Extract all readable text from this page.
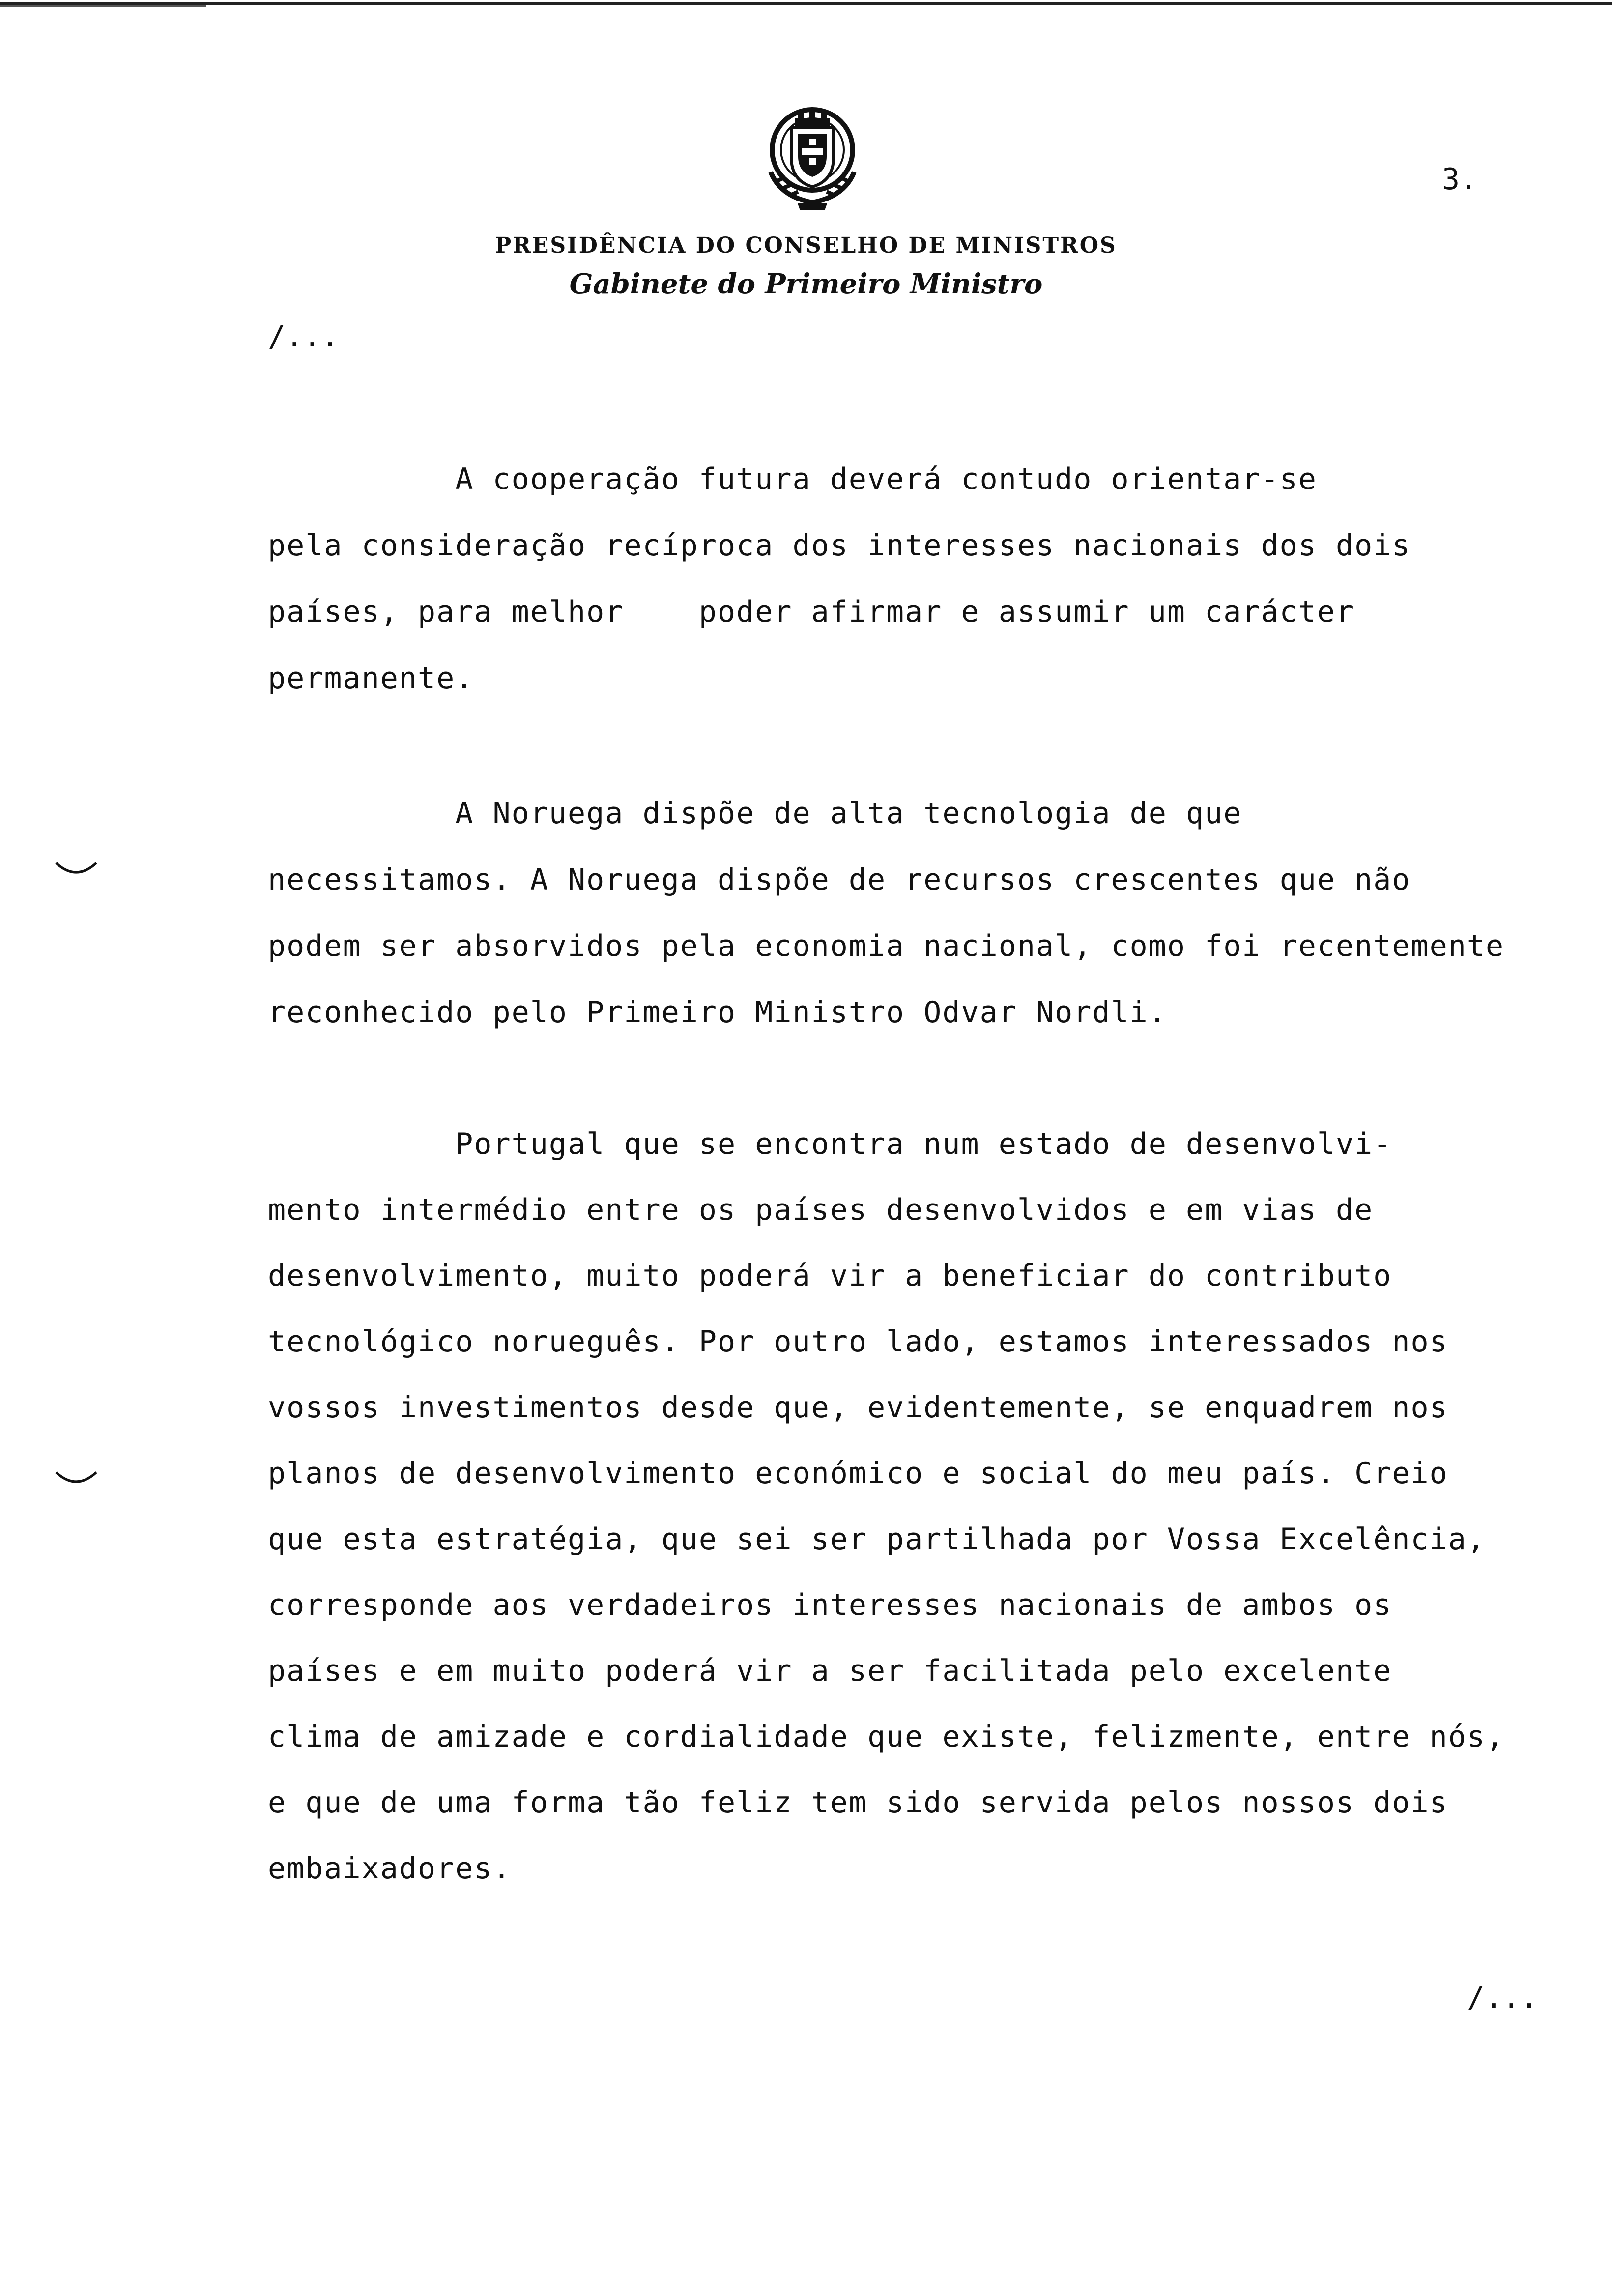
3.
PRESIDÊNCIA DO CONSELHO DE MINISTROS
Gabinete do Primeiro Ministro
/...
A cooperação futura deverá contudo orientar-se
pela consideração recíproca dos interesses nacionais dos dois
países, para melhor    poder afirmar e assumir um carácter
permanente.
A Noruega dispõe de alta tecnologia de que
necessitamos. A Noruega dispõe de recursos crescentes que não
podem ser absorvidos pela economia nacional, como foi recentemente
reconhecido pelo Primeiro Ministro Odvar Nordli.
Portugal que se encontra num estado de desenvolvi-
mento intermédio entre os países desenvolvidos e em vias de
desenvolvimento, muito poderá vir a beneficiar do contributo
tecnológico norueguês. Por outro lado, estamos interessados nos
vossos investimentos desde que, evidentemente, se enquadrem nos
planos de desenvolvimento económico e social do meu país. Creio
que esta estratégia, que sei ser partilhada por Vossa Excelência,
corresponde aos verdadeiros interesses nacionais de ambos os
países e em muito poderá vir a ser facilitada pelo excelente
clima de amizade e cordialidade que existe, felizmente, entre nós,
e que de uma forma tão feliz tem sido servida pelos nossos dois
embaixadores.
/...
